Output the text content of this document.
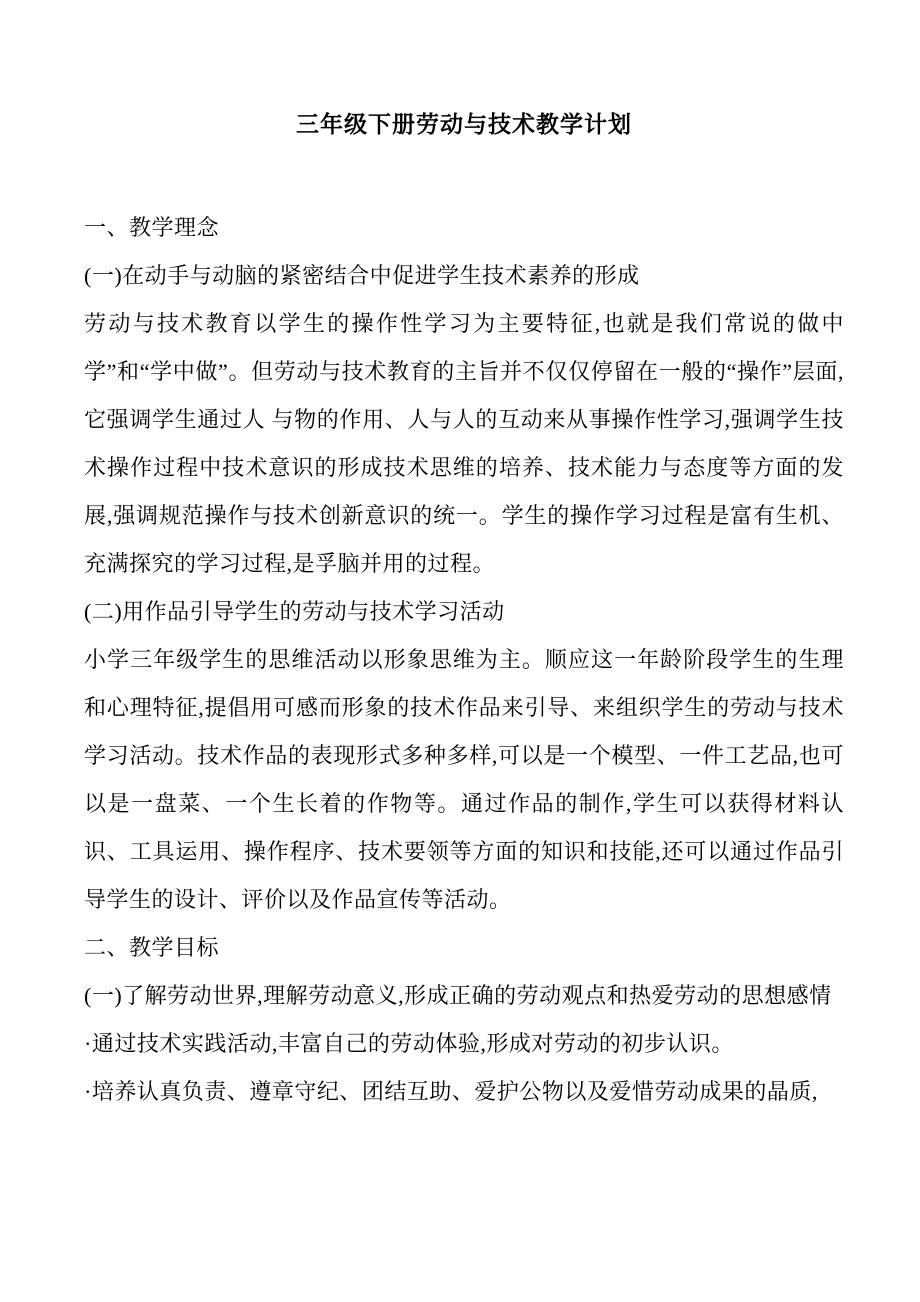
三年级下册劳动与技术教学计划

一、教学理念

(一)在动手与动脑的紧密结合中促进学生技术素养的形成

劳动与技术教育以学生的操作性学习为主要特征,也就是我们常说的做中学”和“学中做”。但劳动与技术教育的主旨并不仅仅停留在一般的“操作”层面,它强调学生通过人 与物的作用、人与人的互动来从事操作性学习,强调学生技术操作过程中技术意识的形成技术思维的培养、技术能力与态度等方面的发展,强调规范操作与技术创新意识的统一。学生的操作学习过程是富有生机、充满探究的学习过程,是孚脑并用的过程。

(二)用作品引导学生的劳动与技术学习活动

小学三年级学生的思维活动以形象思维为主。顺应这一年龄阶段学生的生理和心理特征,提倡用可感而形象的技术作品来引导、来组织学生的劳动与技术学习活动。技术作品的表现形式多种多样,可以是一个模型、一件工艺品,也可以是一盘菜、一个生长着的作物等。通过作品的制作,学生可以获得材料认识、工具运用、操作程序、技术要领等方面的知识和技能,还可以通过作品引导学生的设计、评价以及作品宣传等活动。

二、教学目标

(一)了解劳动世界,理解劳动意义,形成正确的劳动观点和热爱劳动的思想感情

·通过技术实践活动,丰富自己的劳动体验,形成对劳动的初步认识。

·培养认真负责、遵章守纪、团结互助、爱护公物以及爱惜劳动成果的晶质,
